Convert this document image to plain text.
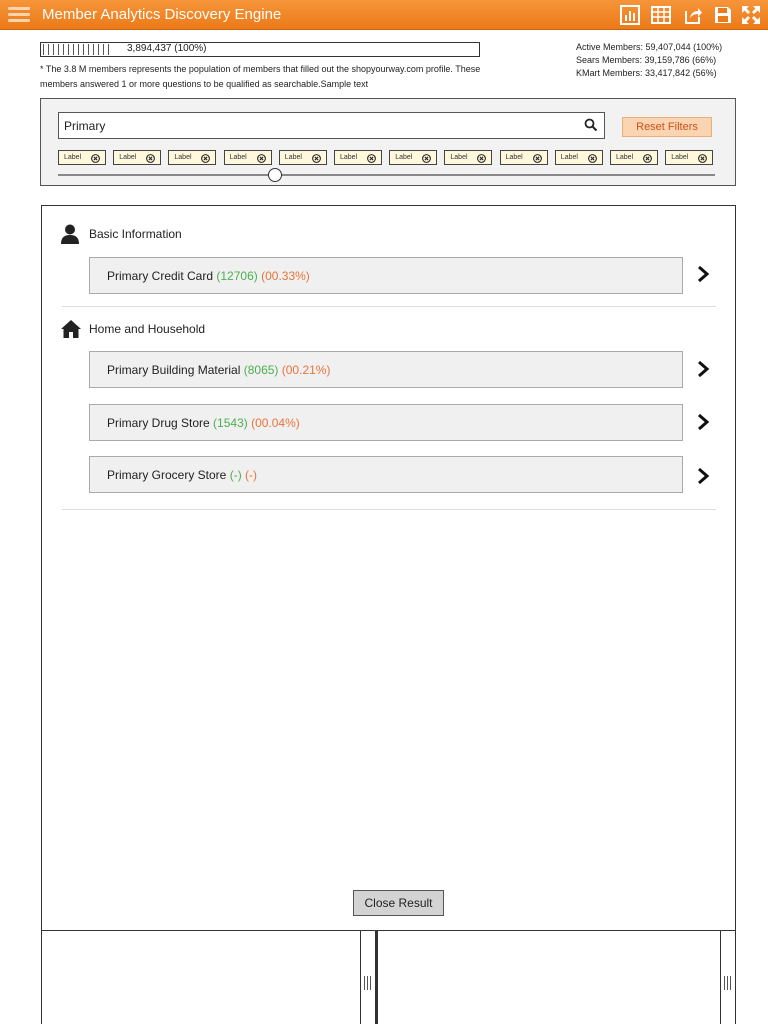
Member Analytics Discovery Engine
3,894,437 (100%)
* The 3.8 M members represents the population of members that filled out the shopyourway.com profile. These members answered 1 or more questions to be qualified as searchable.Sample text
Active Members: 59,407,044 (100%)
Sears Members: 39,159,786 (66%)
KMart Members: 33,417,842 (56%)
Primary
Reset Filters
Label	Label	Label	Label	Label	Label	Label	Label	Label	Label	Label	Label
Basic Information
Primary Credit Card (12706) (00.33%)
Home and Household
Primary Building Material (8065) (00.21%)
Primary Drug Store (1543) (00.04%)
Primary Grocery Store (-) (-)
Close Result
